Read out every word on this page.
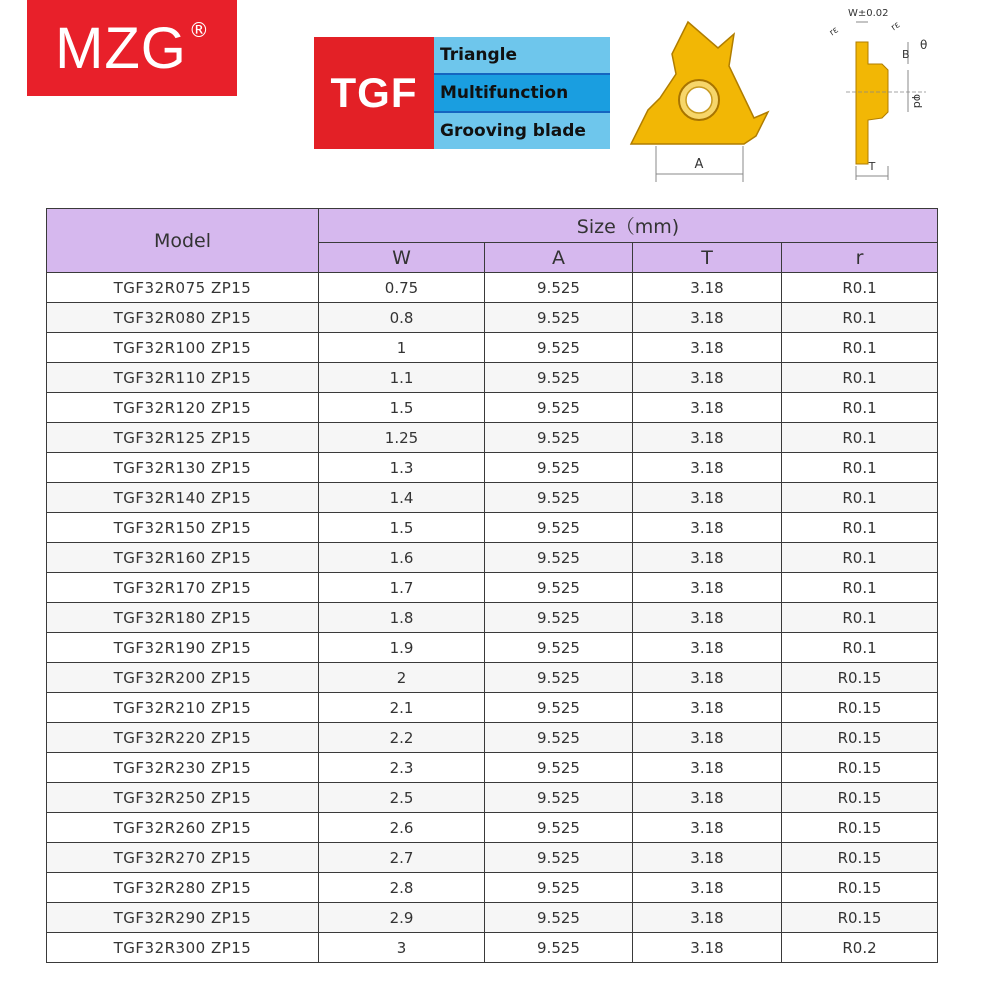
MZG ®
TGF
Triangle
Multifunction
Grooving blade
A
W±0.02
rε	rε
B
θ
φd
T
Model	Size（mm)			
	W	A	T	r
TGF32R075 ZP15	0.75	9.525	3.18	R0.1
TGF32R080 ZP15	0.8	9.525	3.18	R0.1
TGF32R100 ZP15	1	9.525	3.18	R0.1
TGF32R110 ZP15	1.1	9.525	3.18	R0.1
TGF32R120 ZP15	1.5	9.525	3.18	R0.1
TGF32R125 ZP15	1.25	9.525	3.18	R0.1
TGF32R130 ZP15	1.3	9.525	3.18	R0.1
TGF32R140 ZP15	1.4	9.525	3.18	R0.1
TGF32R150 ZP15	1.5	9.525	3.18	R0.1
TGF32R160 ZP15	1.6	9.525	3.18	R0.1
TGF32R170 ZP15	1.7	9.525	3.18	R0.1
TGF32R180 ZP15	1.8	9.525	3.18	R0.1
TGF32R190 ZP15	1.9	9.525	3.18	R0.1
TGF32R200 ZP15	2	9.525	3.18	R0.15
TGF32R210 ZP15	2.1	9.525	3.18	R0.15
TGF32R220 ZP15	2.2	9.525	3.18	R0.15
TGF32R230 ZP15	2.3	9.525	3.18	R0.15
TGF32R250 ZP15	2.5	9.525	3.18	R0.15
TGF32R260 ZP15	2.6	9.525	3.18	R0.15
TGF32R270 ZP15	2.7	9.525	3.18	R0.15
TGF32R280 ZP15	2.8	9.525	3.18	R0.15
TGF32R290 ZP15	2.9	9.525	3.18	R0.15
TGF32R300 ZP15	3	9.525	3.18	R0.2
